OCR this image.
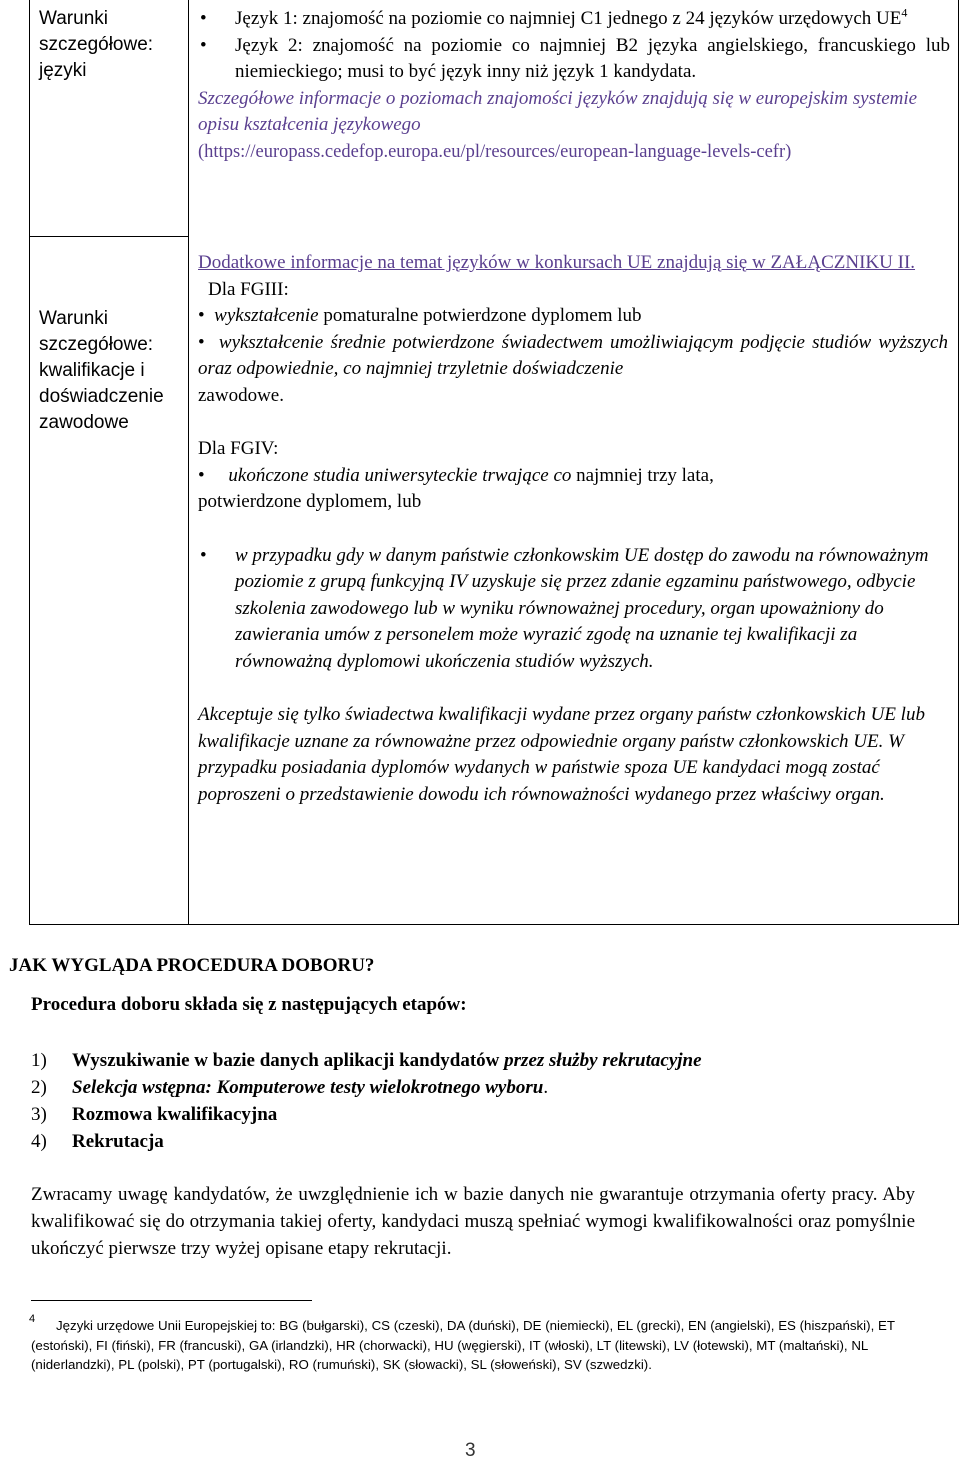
Warunki
szczegółowe:
języki
Warunki
szczegółowe:
kwalifikacje i
doświadczenie
zawodowe
• Język 1: znajomość na poziomie co najmniej C1 jednego z 24 języków urzędowych $UE^4$
• Język 2: znajomość na poziomie co najmniej B2 języka angielskiego, francuskiego lub niemieckiego; musi to być język inny niż język 1 kandydata.
Szczegółowe informacje o poziomach znajomości języków znajdują się w europejskim systemie opisu kształcenia językowego
(https://europass.cedefop.europa.eu/pl/resources/european-language-levels-cefr)
Dodatkowe informacje na temat języków w konkursach UE znajdują się w ZAŁĄCZNIKU II.
Dla FGIII:
•  wykształcenie pomaturalne potwierdzone dyplomem lub
•  wykształcenie średnie potwierdzone świadectwem umożliwiającym podjęcie studiów wyższych oraz odpowiednie, co najmniej trzyletnie doświadczenie
zawodowe.
Dla FGIV:
•     ukończone studia uniwersyteckie trwające co najmniej trzy lata,
potwierdzone dyplomem, lub
• w przypadku gdy w danym państwie członkowskim UE dostęp do zawodu na równoważnym poziomie z grupą funkcyjną IV uzyskuje się przez zdanie egzaminu państwowego, odbycie szkolenia zawodowego lub w wyniku równoważnej procedury, organ upoważniony do zawierania umów z personelem może wyrazić zgodę na uznanie tej kwalifikacji za równoważną dyplomowi ukończenia studiów wyższych.
Akceptuje się tylko świadectwa kwalifikacji wydane przez organy państw członkowskich UE lub kwalifikacje uznane za równoważne przez odpowiednie organy państw członkowskich UE. W przypadku posiadania dyplomów wydanych w państwie spoza UE kandydaci mogą zostać poproszeni o przedstawienie dowodu ich równoważności wydanego przez właściwy organ.
JAK WYGLĄDA PROCEDURA DOBORU?
Procedura doboru składa się z następujących etapów:
1) Wyszukiwanie w bazie danych aplikacji kandydatów przez służby rekrutacyjne
2) Selekcja wstępna: Komputerowe testy wielokrotnego wyboru.
3) Rozmowa kwalifikacyjna
4) Rekrutacja
Zwracamy uwagę kandydatów, że uwzględnienie ich w bazie danych nie gwarantuje otrzymania oferty pracy. Aby kwalifikować się do otrzymania takiej oferty, kandydaci muszą spełniać wymogi kwalifikowalności oraz pomyślnie ukończyć pierwsze trzy wyżej opisane etapy rekrutacji.
4 Języki urzędowe Unii Europejskiej to: BG (bułgarski), CS (czeski), DA (duński), DE (niemiecki), EL (grecki), EN (angielski), ES (hiszpański), ET (estoński), FI (fiński), FR (francuski), GA (irlandzki), HR (chorwacki), HU (węgierski), IT (włoski), LT (litewski), LV (łotewski), MT (maltański), NL (niderlandzki), PL (polski), PT (portugalski), RO (rumuński), SK (słowacki), SL (słoweński), SV (szwedzki).
3
